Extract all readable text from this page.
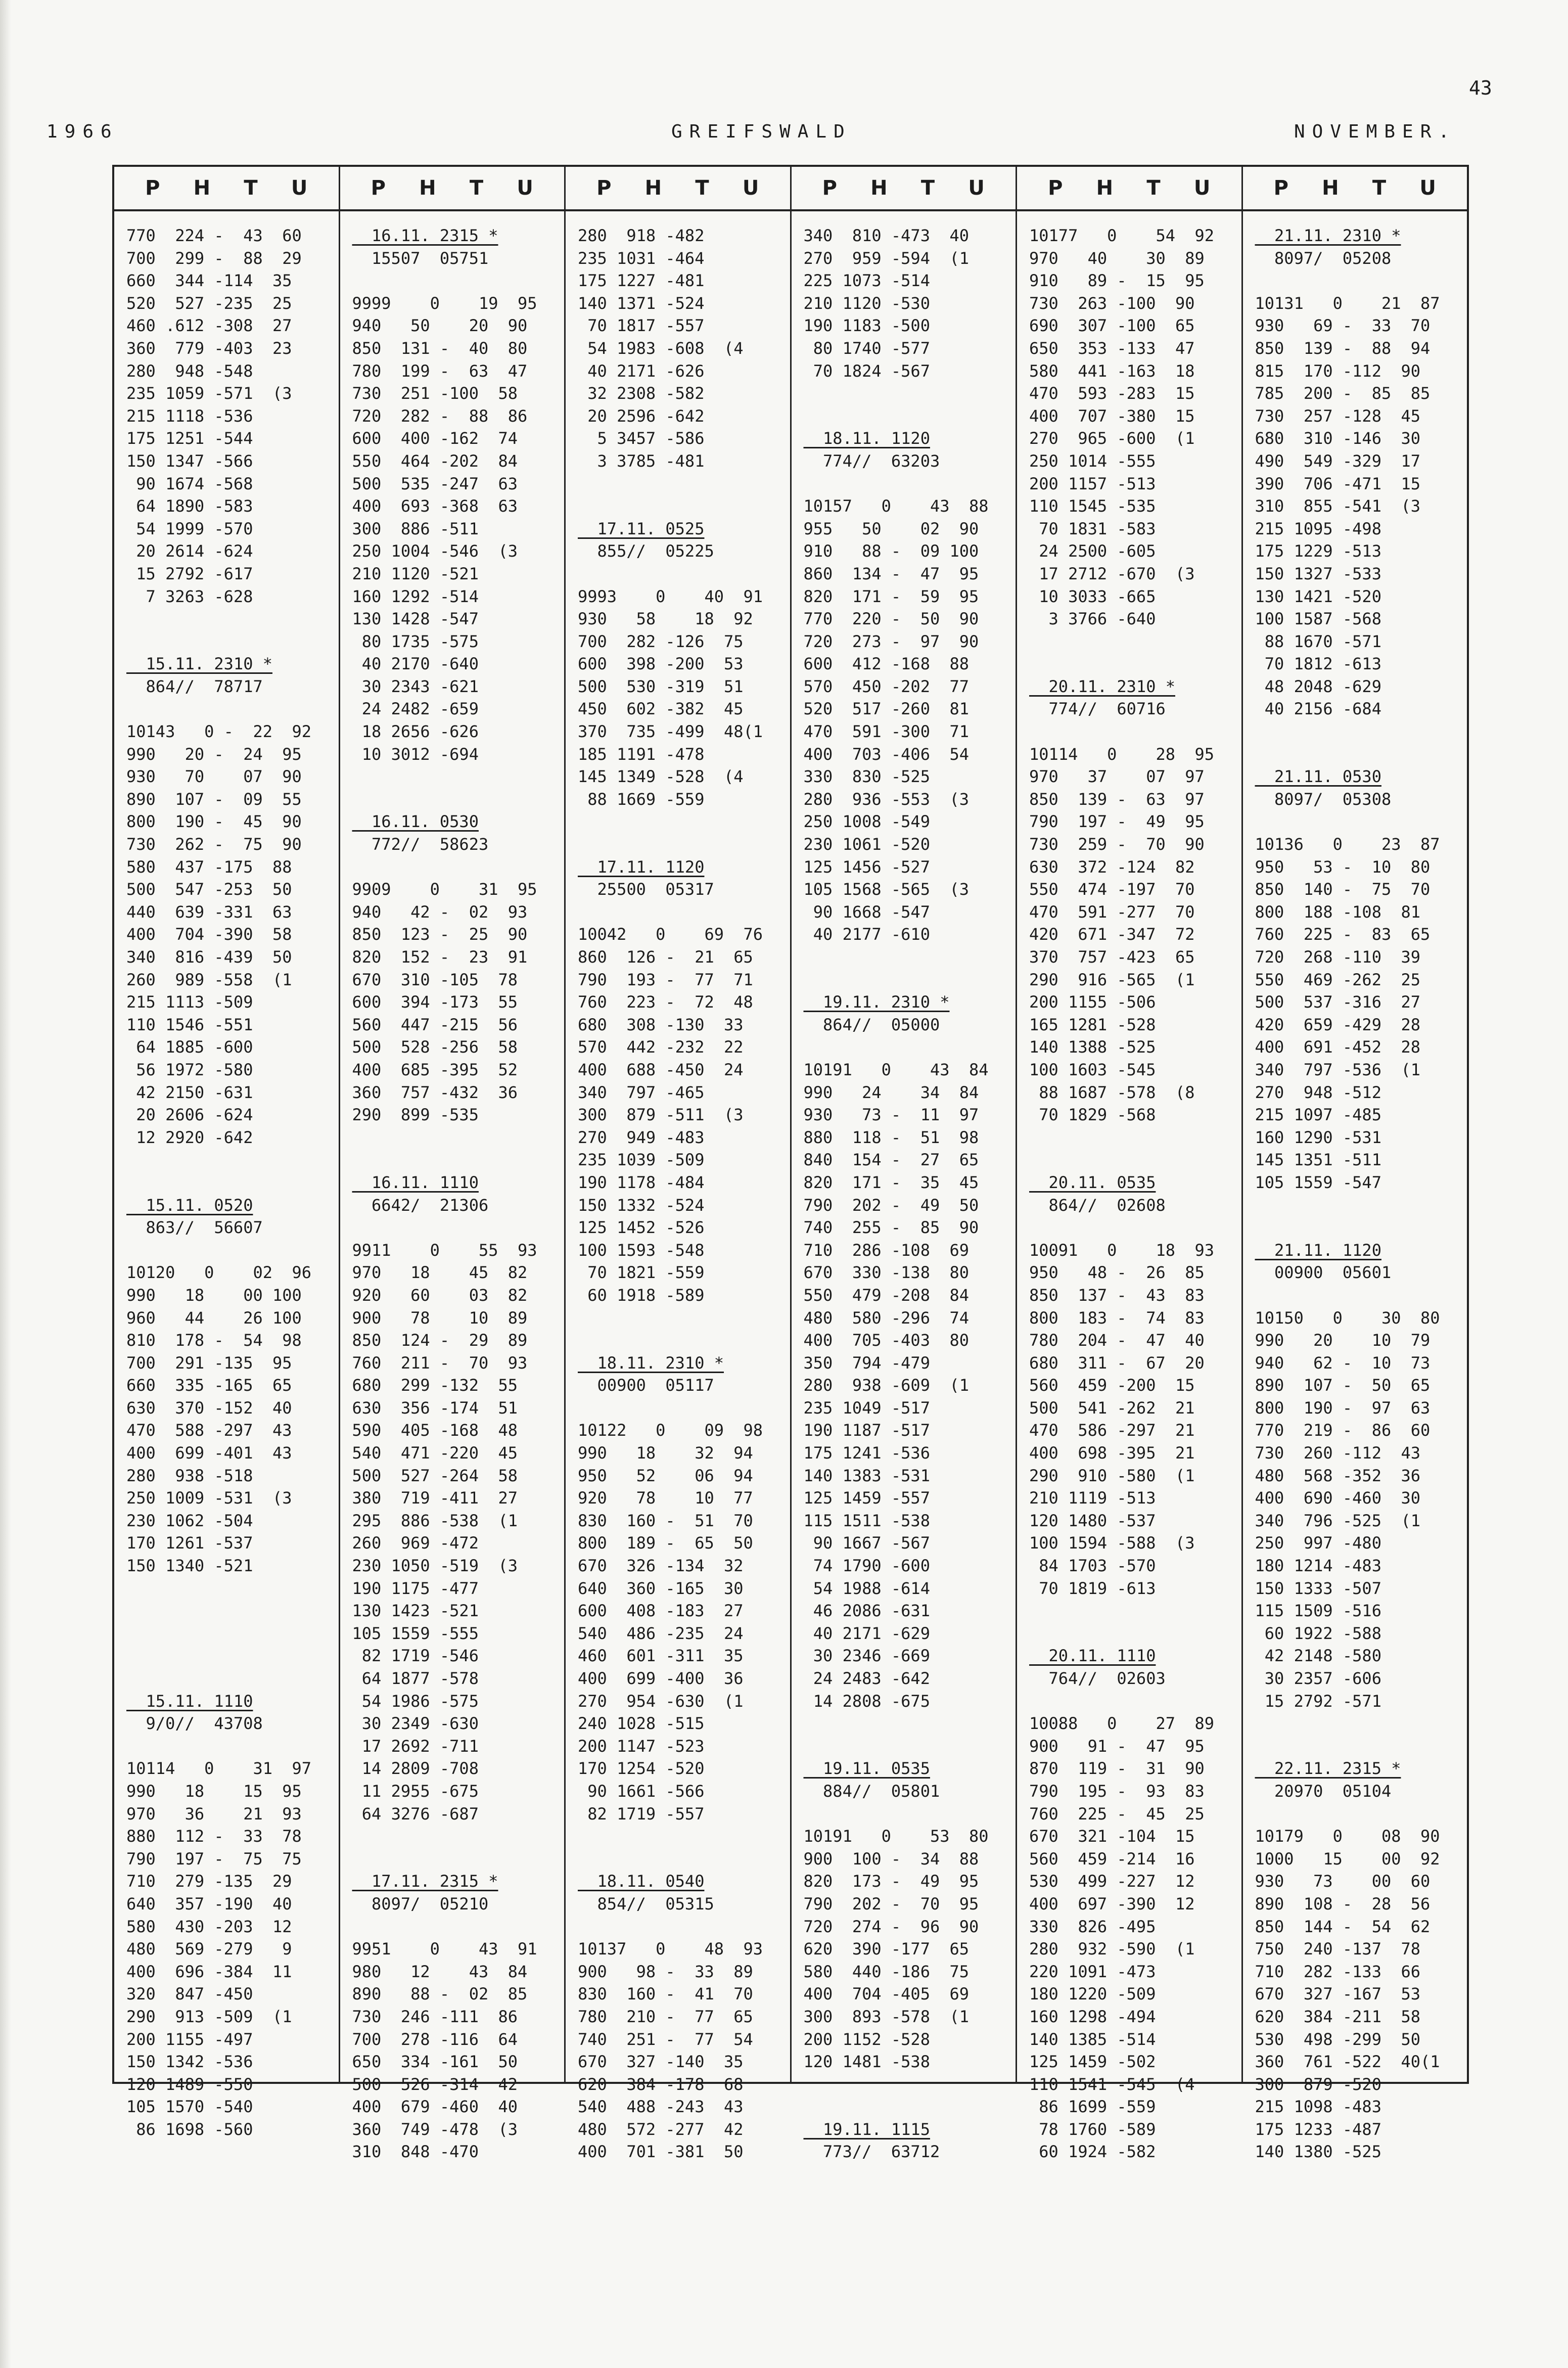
43
1966	GREIFSWALD	NOVEMBER.
P H T U
770  224 -  43  60
700  299 -  88  29
660  344 -114  35
520  527 -235  25
460 .612 -308  27
360  779 -403  23
280  948 -548
235 1059 -571  (3
215 1118 -536
175 1251 -544
150 1347 -566
90 1674 -568
64 1890 -583
54 1999 -570
20 2614 -624
15 2792 -617
7 3263 -628
15.11. 2310 *
864//  78717
10143   0 -  22  92
990   20 -  24  95
930   70    07  90
890  107 -  09  55
800  190 -  45  90
730  262 -  75  90
580  437 -175  88
500  547 -253  50
440  639 -331  63
400  704 -390  58
340  816 -439  50
260  989 -558  (1
215 1113 -509
110 1546 -551
64 1885 -600
56 1972 -580
42 2150 -631
20 2606 -624
12 2920 -642
15.11. 0520
863//  56607
10120   0    02  96
990   18    00 100
960   44    26 100
810  178 -  54  98
700  291 -135  95
660  335 -165  65
630  370 -152  40
470  588 -297  43
400  699 -401  43
280  938 -518
250 1009 -531  (3
230 1062 -504
170 1261 -537
150 1340 -521
15.11. 1110
9/0//  43708
10114   0    31  97
990   18    15  95
970   36    21  93
880  112 -  33  78
790  197 -  75  75
710  279 -135  29
640  357 -190  40
580  430 -203  12
480  569 -279   9
400  696 -384  11
320  847 -450
290  913 -509  (1
200 1155 -497
150 1342 -536
120 1489 -550
105 1570 -540
86 1698 -560
P H T U
16.11. 2315 *
15507  05751
9999    0    19  95
940   50    20  90
850  131 -  40  80
780  199 -  63  47
730  251 -100  58
720  282 -  88  86
600  400 -162  74
550  464 -202  84
500  535 -247  63
400  693 -368  63
300  886 -511
250 1004 -546  (3
210 1120 -521
160 1292 -514
130 1428 -547
80 1735 -575
40 2170 -640
30 2343 -621
24 2482 -659
18 2656 -626
10 3012 -694
16.11. 0530
772//  58623
9909    0    31  95
940   42 -  02  93
850  123 -  25  90
820  152 -  23  91
670  310 -105  78
600  394 -173  55
560  447 -215  56
500  528 -256  58
400  685 -395  52
360  757 -432  36
290  899 -535
16.11. 1110
6642/  21306
9911    0    55  93
970   18    45  82
920   60    03  82
900   78    10  89
850  124 -  29  89
760  211 -  70  93
680  299 -132  55
630  356 -174  51
590  405 -168  48
540  471 -220  45
500  527 -264  58
380  719 -411  27
295  886 -538  (1
260  969 -472
230 1050 -519  (3
190 1175 -477
130 1423 -521
105 1559 -555
82 1719 -546
64 1877 -578
54 1986 -575
30 2349 -630
17 2692 -711
14 2809 -708
11 2955 -675
64 3276 -687
17.11. 2315 *
8097/  05210
9951    0    43  91
980   12    43  84
890   88 -  02  85
730  246 -111  86
700  278 -116  64
650  334 -161  50
500  526 -314  42
400  679 -460  40
360  749 -478  (3
310  848 -470
P H T U
280  918 -482
235 1031 -464
175 1227 -481
140 1371 -524
70 1817 -557
54 1983 -608  (4
40 2171 -626
32 2308 -582
20 2596 -642
5 3457 -586
3 3785 -481
17.11. 0525
855//  05225
9993    0    40  91
930   58    18  92
700  282 -126  75
600  398 -200  53
500  530 -319  51
450  602 -382  45
370  735 -499  48(1
185 1191 -478
145 1349 -528  (4
88 1669 -559
17.11. 1120
25500  05317
10042   0    69  76
860  126 -  21  65
790  193 -  77  71
760  223 -  72  48
680  308 -130  33
570  442 -232  22
400  688 -450  24
340  797 -465
300  879 -511  (3
270  949 -483
235 1039 -509
190 1178 -484
150 1332 -524
125 1452 -526
100 1593 -548
70 1821 -559
60 1918 -589
18.11. 2310 *
00900  05117
10122   0    09  98
990   18    32  94
950   52    06  94
920   78    10  77
830  160 -  51  70
800  189 -  65  50
670  326 -134  32
640  360 -165  30
600  408 -183  27
540  486 -235  24
460  601 -311  35
400  699 -400  36
270  954 -630  (1
240 1028 -515
200 1147 -523
170 1254 -520
90 1661 -566
82 1719 -557
18.11. 0540
854//  05315
10137   0    48  93
900   98 -  33  89
830  160 -  41  70
780  210 -  77  65
740  251 -  77  54
670  327 -140  35
620  384 -178  68
540  488 -243  43
480  572 -277  42
400  701 -381  50
P H T U
340  810 -473  40
270  959 -594  (1
225 1073 -514
210 1120 -530
190 1183 -500
80 1740 -577
70 1824 -567
18.11. 1120
774//  63203
10157   0    43  88
955   50    02  90
910   88 -  09 100
860  134 -  47  95
820  171 -  59  95
770  220 -  50  90
720  273 -  97  90
600  412 -168  88
570  450 -202  77
520  517 -260  81
470  591 -300  71
400  703 -406  54
330  830 -525
280  936 -553  (3
250 1008 -549
230 1061 -520
125 1456 -527
105 1568 -565  (3
90 1668 -547
40 2177 -610
19.11. 2310 *
864//  05000
10191   0    43  84
990   24    34  84
930   73 -  11  97
880  118 -  51  98
840  154 -  27  65
820  171 -  35  45
790  202 -  49  50
740  255 -  85  90
710  286 -108  69
670  330 -138  80
550  479 -208  84
480  580 -296  74
400  705 -403  80
350  794 -479
280  938 -609  (1
235 1049 -517
190 1187 -517
175 1241 -536
140 1383 -531
125 1459 -557
115 1511 -538
90 1667 -567
74 1790 -600
54 1988 -614
46 2086 -631
40 2171 -629
30 2346 -669
24 2483 -642
14 2808 -675
19.11. 0535
884//  05801
10191   0    53  80
900  100 -  34  88
820  173 -  49  95
790  202 -  70  95
720  274 -  96  90
620  390 -177  65
580  440 -186  75
400  704 -405  69
300  893 -578  (1
200 1152 -528
120 1481 -538
19.11. 1115
773//  63712
P H T U
10177   0    54  92
970   40    30  89
910   89 -  15  95
730  263 -100  90
690  307 -100  65
650  353 -133  47
580  441 -163  18
470  593 -283  15
400  707 -380  15
270  965 -600  (1
250 1014 -555
200 1157 -513
110 1545 -535
70 1831 -583
24 2500 -605
17 2712 -670  (3
10 3033 -665
3 3766 -640
20.11. 2310 *
774//  60716
10114   0    28  95
970   37    07  97
850  139 -  63  97
790  197 -  49  95
730  259 -  70  90
630  372 -124  82
550  474 -197  70
470  591 -277  70
420  671 -347  72
370  757 -423  65
290  916 -565  (1
200 1155 -506
165 1281 -528
140 1388 -525
100 1603 -545
88 1687 -578  (8
70 1829 -568
20.11. 0535
864//  02608
10091   0    18  93
950   48 -  26  85
850  137 -  43  83
800  183 -  74  83
780  204 -  47  40
680  311 -  67  20
560  459 -200  15
500  541 -262  21
470  586 -297  21
400  698 -395  21
290  910 -580  (1
210 1119 -513
120 1480 -537
100 1594 -588  (3
84 1703 -570
70 1819 -613
20.11. 1110
764//  02603
10088   0    27  89
900   91 -  47  95
870  119 -  31  90
790  195 -  93  83
760  225 -  45  25
670  321 -104  15
560  459 -214  16
530  499 -227  12
400  697 -390  12
330  826 -495
280  932 -590  (1
220 1091 -473
180 1220 -509
160 1298 -494
140 1385 -514
125 1459 -502
110 1541 -545  (4
86 1699 -559
78 1760 -589
60 1924 -582
P H T U
21.11. 2310 *
8097/  05208
10131   0    21  87
930   69 -  33  70
850  139 -  88  94
815  170 -112  90
785  200 -  85  85
730  257 -128  45
680  310 -146  30
490  549 -329  17
390  706 -471  15
310  855 -541  (3
215 1095 -498
175 1229 -513
150 1327 -533
130 1421 -520
100 1587 -568
88 1670 -571
70 1812 -613
48 2048 -629
40 2156 -684
21.11. 0530
8097/  05308
10136   0    23  87
950   53 -  10  80
850  140 -  75  70
800  188 -108  81
760  225 -  83  65
720  268 -110  39
550  469 -262  25
500  537 -316  27
420  659 -429  28
400  691 -452  28
340  797 -536  (1
270  948 -512
215 1097 -485
160 1290 -531
145 1351 -511
105 1559 -547
21.11. 1120
00900  05601
10150   0    30  80
990   20    10  79
940   62 -  10  73
890  107 -  50  65
800  190 -  97  63
770  219 -  86  60
730  260 -112  43
480  568 -352  36
400  690 -460  30
340  796 -525  (1
250  997 -480
180 1214 -483
150 1333 -507
115 1509 -516
60 1922 -588
42 2148 -580
30 2357 -606
15 2792 -571
22.11. 2315 *
20970  05104
10179   0    08  90
1000   15    00  92
930   73    00  60
890  108 -  28  56
850  144 -  54  62
750  240 -137  78
710  282 -133  66
670  327 -167  53
620  384 -211  58
530  498 -299  50
360  761 -522  40(1
300  879 -520
215 1098 -483
175 1233 -487
140 1380 -525
